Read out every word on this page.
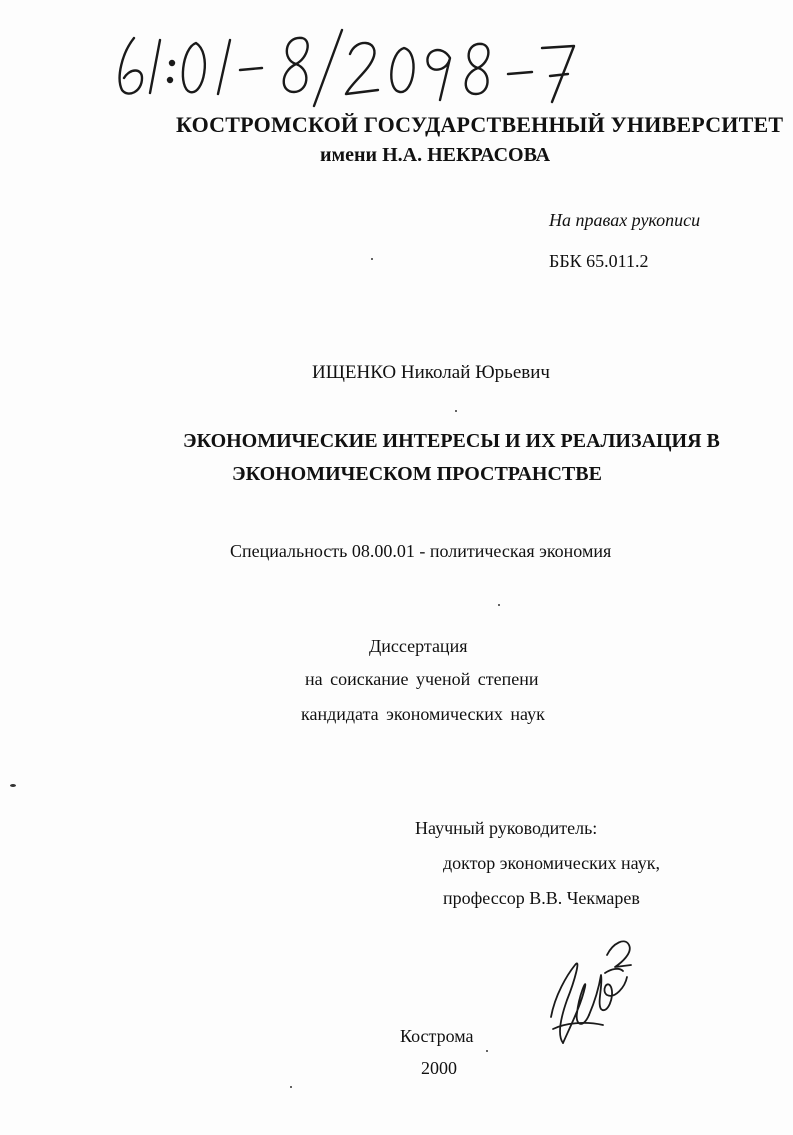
КОСТРОМСКОЙ ГОСУДАРСТВЕННЫЙ УНИВЕРСИТЕТ
имени Н.А. НЕКРАСОВА
На правах рукописи
ББК 65.011.2
ИЩЕНКО Николай Юрьевич
ЭКОНОМИЧЕСКИЕ ИНТЕРЕСЫ И ИХ РЕАЛИЗАЦИЯ В
ЭКОНОМИЧЕСКОМ ПРОСТРАНСТВЕ
Специальность 08.00.01 - политическая экономия
Диссертация
на соискание ученой степени
кандидата экономических наук
Научный руководитель:
доктор экономических наук,
профессор В.В. Чекмарев
Кострома
2000
